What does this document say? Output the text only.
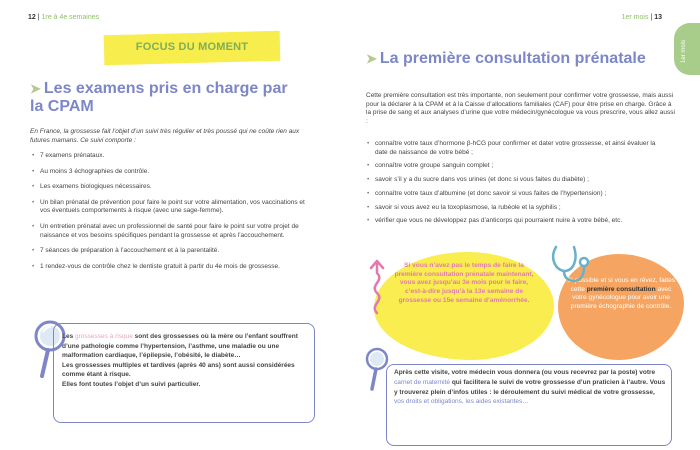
12 | 1re à 4e semaines	1er mois | 13
1er mois
FOCUS DU MOMENT
➤ Les examens pris en charge par la CPAM
En France, la grossesse fait l’objet d’un suivi très régulier et très poussé qui ne coûte rien aux futures mamans. Ce suivi comporte :
• 7 examens prénataux.
• Au moins 3 échographies de contrôle.
• Les examens biologiques nécessaires.
• Un bilan prénatal de prévention pour faire le point sur votre alimentation, vos vaccinations et vos éventuels comportements à risque (avec une sage-femme).
• Un entretien prénatal avec un professionnel de santé pour faire le point sur votre projet de naissance et vos besoins spécifiques pendant la grossesse et après l’accouchement.
• 7 séances de préparation à l’accouchement et à la parentalité.
• 1 rendez-vous de contrôle chez le dentiste gratuit à partir du 4e mois de grossesse.
Les grossesses à risque sont des grossesses où la mère ou l’enfant souffrent d’une pathologie comme l’hypertension, l’asthme, une maladie ou une malformation cardiaque, l’épilepsie, l’obésité, le diabète…
Les grossesses multiples et tardives (après 40 ans) sont aussi considérées comme étant à risque.
Elles font toutes l’objet d’un suivi particulier.
➤ La première consultation prénatale
Cette première consultation est très importante, non seulement pour confirmer votre grossesse, mais aussi pour la déclarer à la CPAM et à la Caisse d’allocations familiales (CAF) pour être prise en charge. Grâce à la prise de sang et aux analyses d’urine que votre médecin/gynécologue va vous prescrire, vous allez aussi :
• connaître votre taux d’hormone β-hCG pour confirmer et dater votre grossesse, et ainsi évaluer la date de naissance de votre bébé ;
• connaître votre groupe sanguin complet ;
• savoir s’il y a du sucre dans vos urines (et donc si vous faites du diabète) ;
• connaître votre taux d’albumine (et donc savoir si vous faites de l’hypertension) ;
• savoir si vous avez eu la toxoplasmose, la rubéole et la syphilis ;
• vérifier que vous ne développez pas d’anticorps qui pourraient nuire à votre bébé, etc.
Si vous n’avez pas le temps de faire la première consultation prénatale maintenant, vous avez jusqu’au 3e mois pour le faire, c’est-à-dire jusqu’à la 13e semaine de grossesse ou 15e semaine d’aménorrhée.
Si possible et si vous en rêvez, faites cette première consultation avec votre gynécologue pour avoir une première échographie de contrôle.
Après cette visite, votre médecin vous donnera (ou vous recevrez par la poste) votre carnet de maternité qui facilitera le suivi de votre grossesse d’un praticien à l’autre. Vous y trouverez plein d’infos utiles : le déroulement du suivi médical de votre grossesse, vos droits et obligations, les aides existantes…
